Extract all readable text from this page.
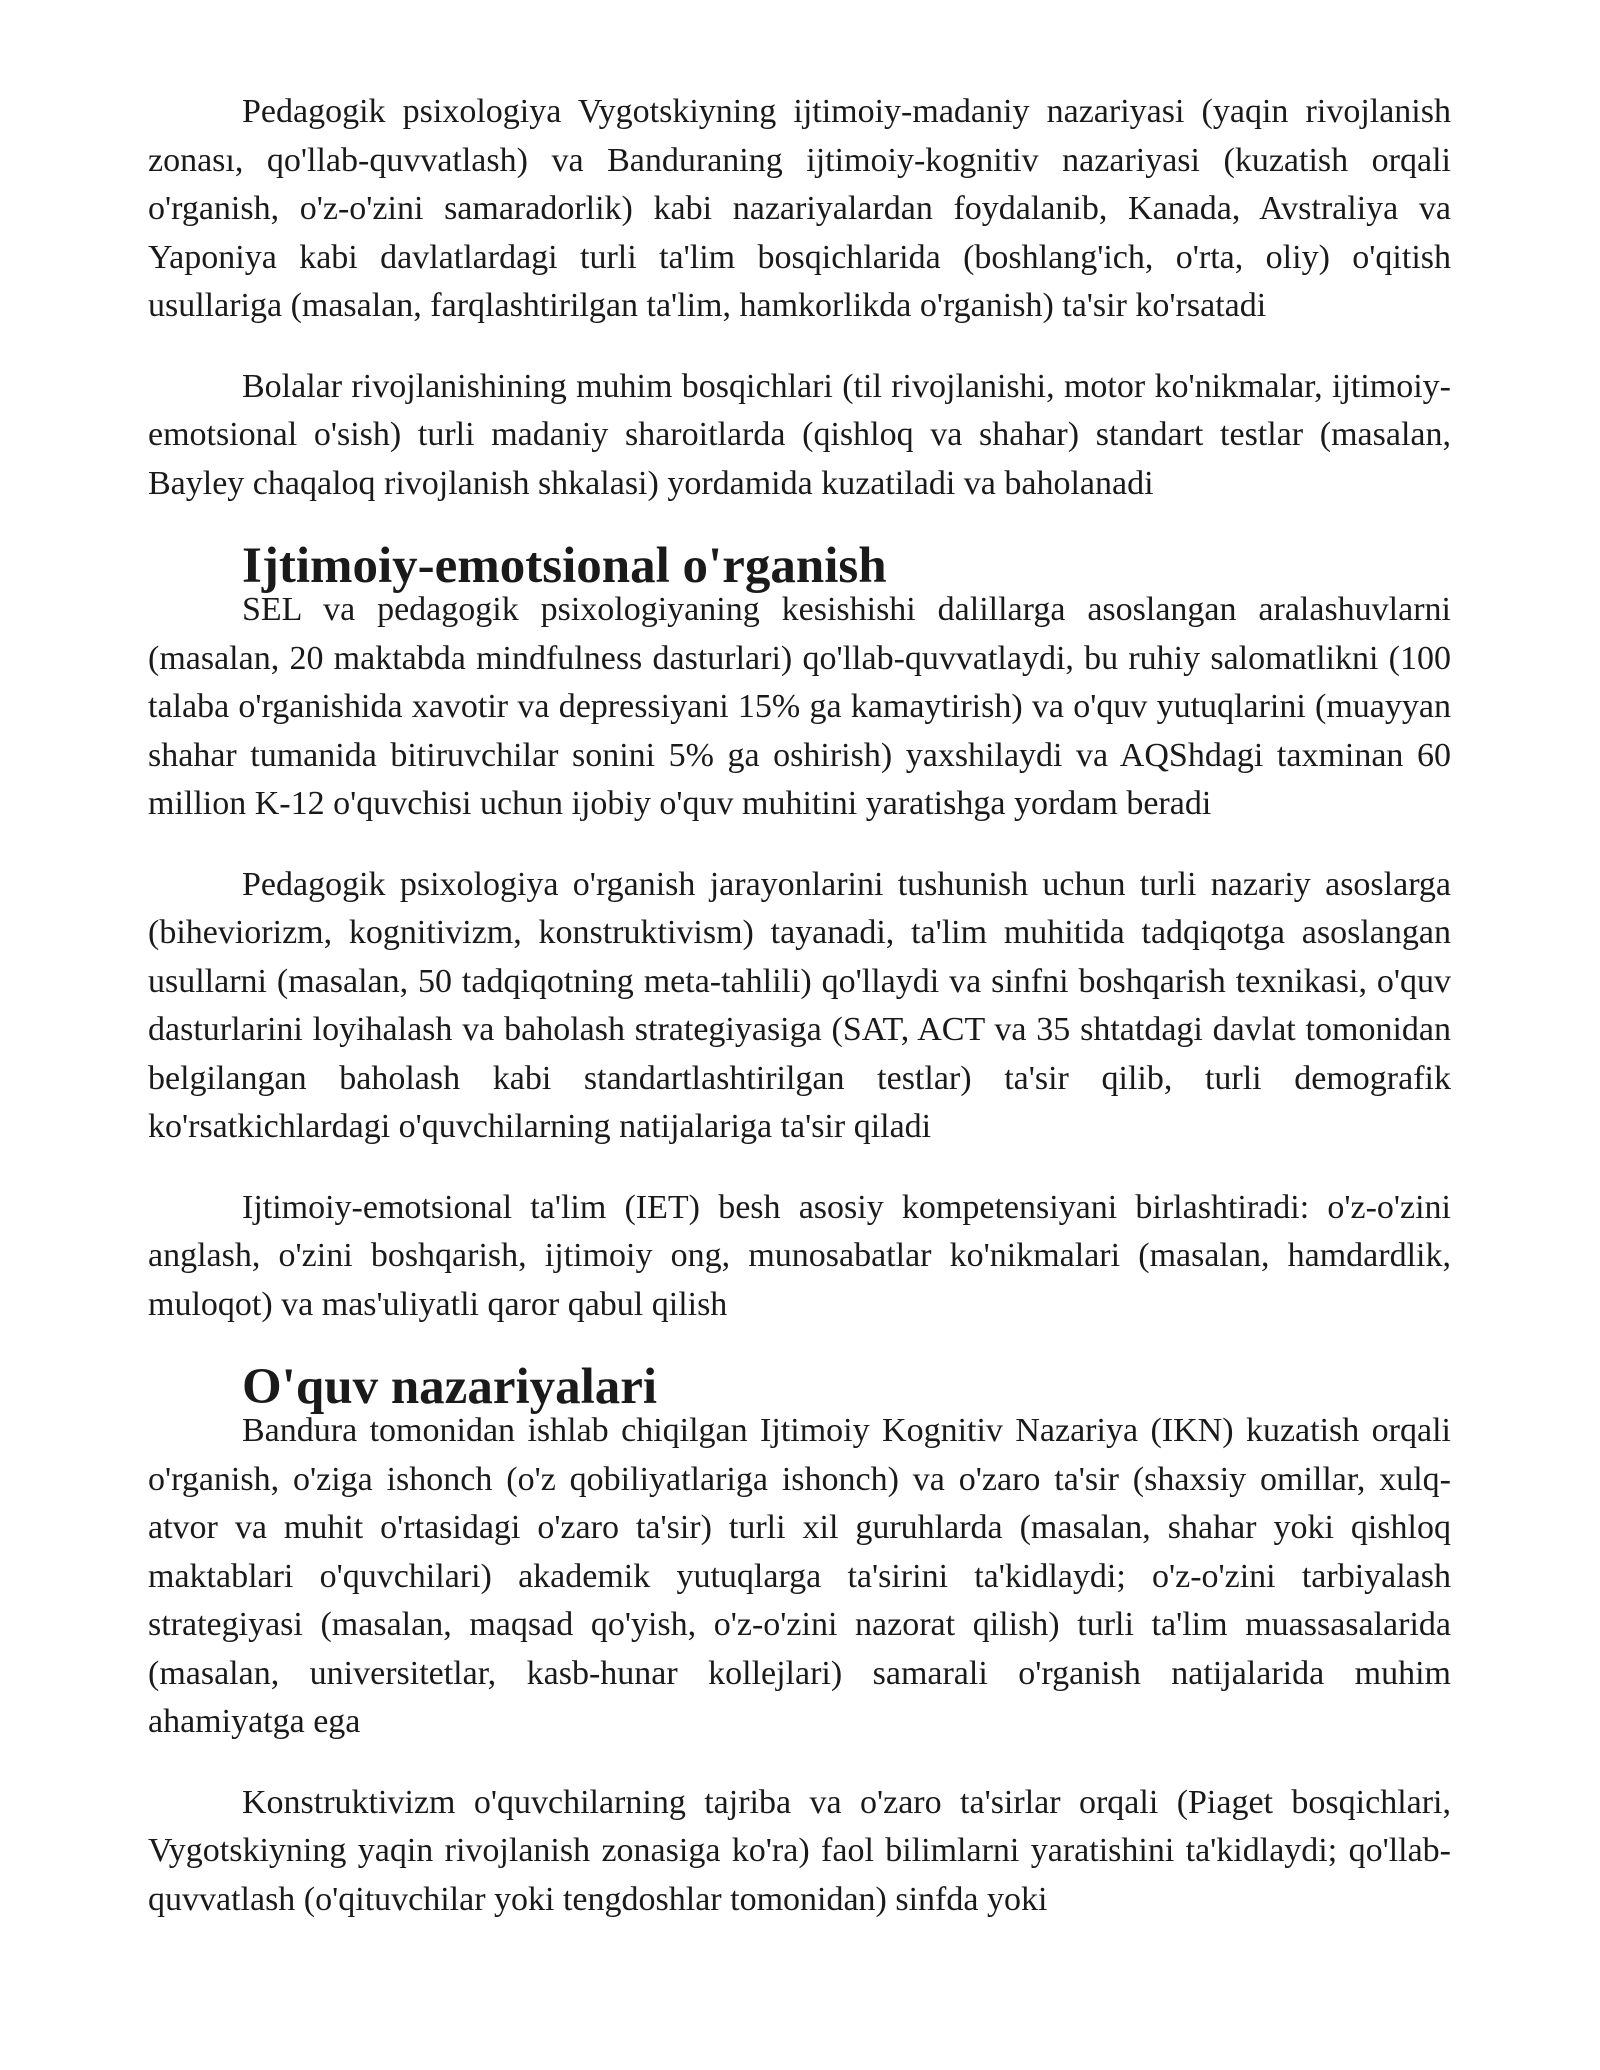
Pedagogik psixologiya Vygotskiyning ijtimoiy-madaniy nazariyasi (yaqin rivojlanish zonası, qo'llab-quvvatlash) va Banduraning ijtimoiy-kognitiv nazariyasi (kuzatish orqali o'rganish, o'z-o'zini samaradorlik) kabi nazariyalardan foydalanib, Kanada, Avstraliya va Yaponiya kabi davlatlardagi turli ta'lim bosqichlarida (boshlang'ich, o'rta, oliy) o'qitish usullariga (masalan, farqlashtirilgan ta'lim, hamkorlikda o'rganish) ta'sir ko'rsatadi

Bolalar rivojlanishining muhim bosqichlari (til rivojlanishi, motor ko'nikmalar, ijtimoiy-emotsional o'sish) turli madaniy sharoitlarda (qishloq va shahar) standart testlar (masalan, Bayley chaqaloq rivojlanish shkalasi) yordamida kuzatiladi va baholanadi

Ijtimoiy-emotsional o'rganish

SEL va pedagogik psixologiyaning kesishishi dalillarga asoslangan aralashuvlarni (masalan, 20 maktabda mindfulness dasturlari) qo'llab-quvvatlaydi, bu ruhiy salomatlikni (100 talaba o'rganishida xavotir va depressiyani 15% ga kamaytirish) va o'quv yutuqlarini (muayyan shahar tumanida bitiruvchilar sonini 5% ga oshirish) yaxshilaydi va AQShdagi taxminan 60 million K-12 o'quvchisi uchun ijobiy o'quv muhitini yaratishga yordam beradi

Pedagogik psixologiya o'rganish jarayonlarini tushunish uchun turli nazariy asoslarga (biheviorizm, kognitivizm, konstruktivism) tayanadi, ta'lim muhitida tadqiqotga asoslangan usullarni (masalan, 50 tadqiqotning meta-tahlili) qo'llaydi va sinfni boshqarish texnikasi, o'quv dasturlarini loyihalash va baholash strategiyasiga (SAT, ACT va 35 shtatdagi davlat tomonidan belgilangan baholash kabi standartlashtirilgan testlar) ta'sir qilib, turli demografik ko'rsatkichlardagi o'quvchilarning natijalariga ta'sir qiladi

Ijtimoiy-emotsional ta'lim (IET) besh asosiy kompetensiyani birlashtiradi: o'z-o'zini anglash, o'zini boshqarish, ijtimoiy ong, munosabatlar ko'nikmalari (masalan, hamdardlik, muloqot) va mas'uliyatli qaror qabul qilish

O'quv nazariyalari

Bandura tomonidan ishlab chiqilgan Ijtimoiy Kognitiv Nazariya (IKN) kuzatish orqali o'rganish, o'ziga ishonch (o'z qobiliyatlariga ishonch) va o'zaro ta'sir (shaxsiy omillar, xulq-atvor va muhit o'rtasidagi o'zaro ta'sir) turli xil guruhlarda (masalan, shahar yoki qishloq maktablari o'quvchilari) akademik yutuqlarga ta'sirini ta'kidlaydi; o'z-o'zini tarbiyalash strategiyasi (masalan, maqsad qo'yish, o'z-o'zini nazorat qilish) turli ta'lim muassasalarida (masalan, universitetlar, kasb-hunar kollejlari) samarali o'rganish natijalarida muhim ahamiyatga ega

Konstruktivizm o'quvchilarning tajriba va o'zaro ta'sirlar orqali (Piaget bosqichlari, Vygotskiyning yaqin rivojlanish zonasiga ko'ra) faol bilimlarni yaratishini ta'kidlaydi; qo'llab-quvvatlash (o'qituvchilar yoki tengdoshlar tomonidan) sinfda yoki
